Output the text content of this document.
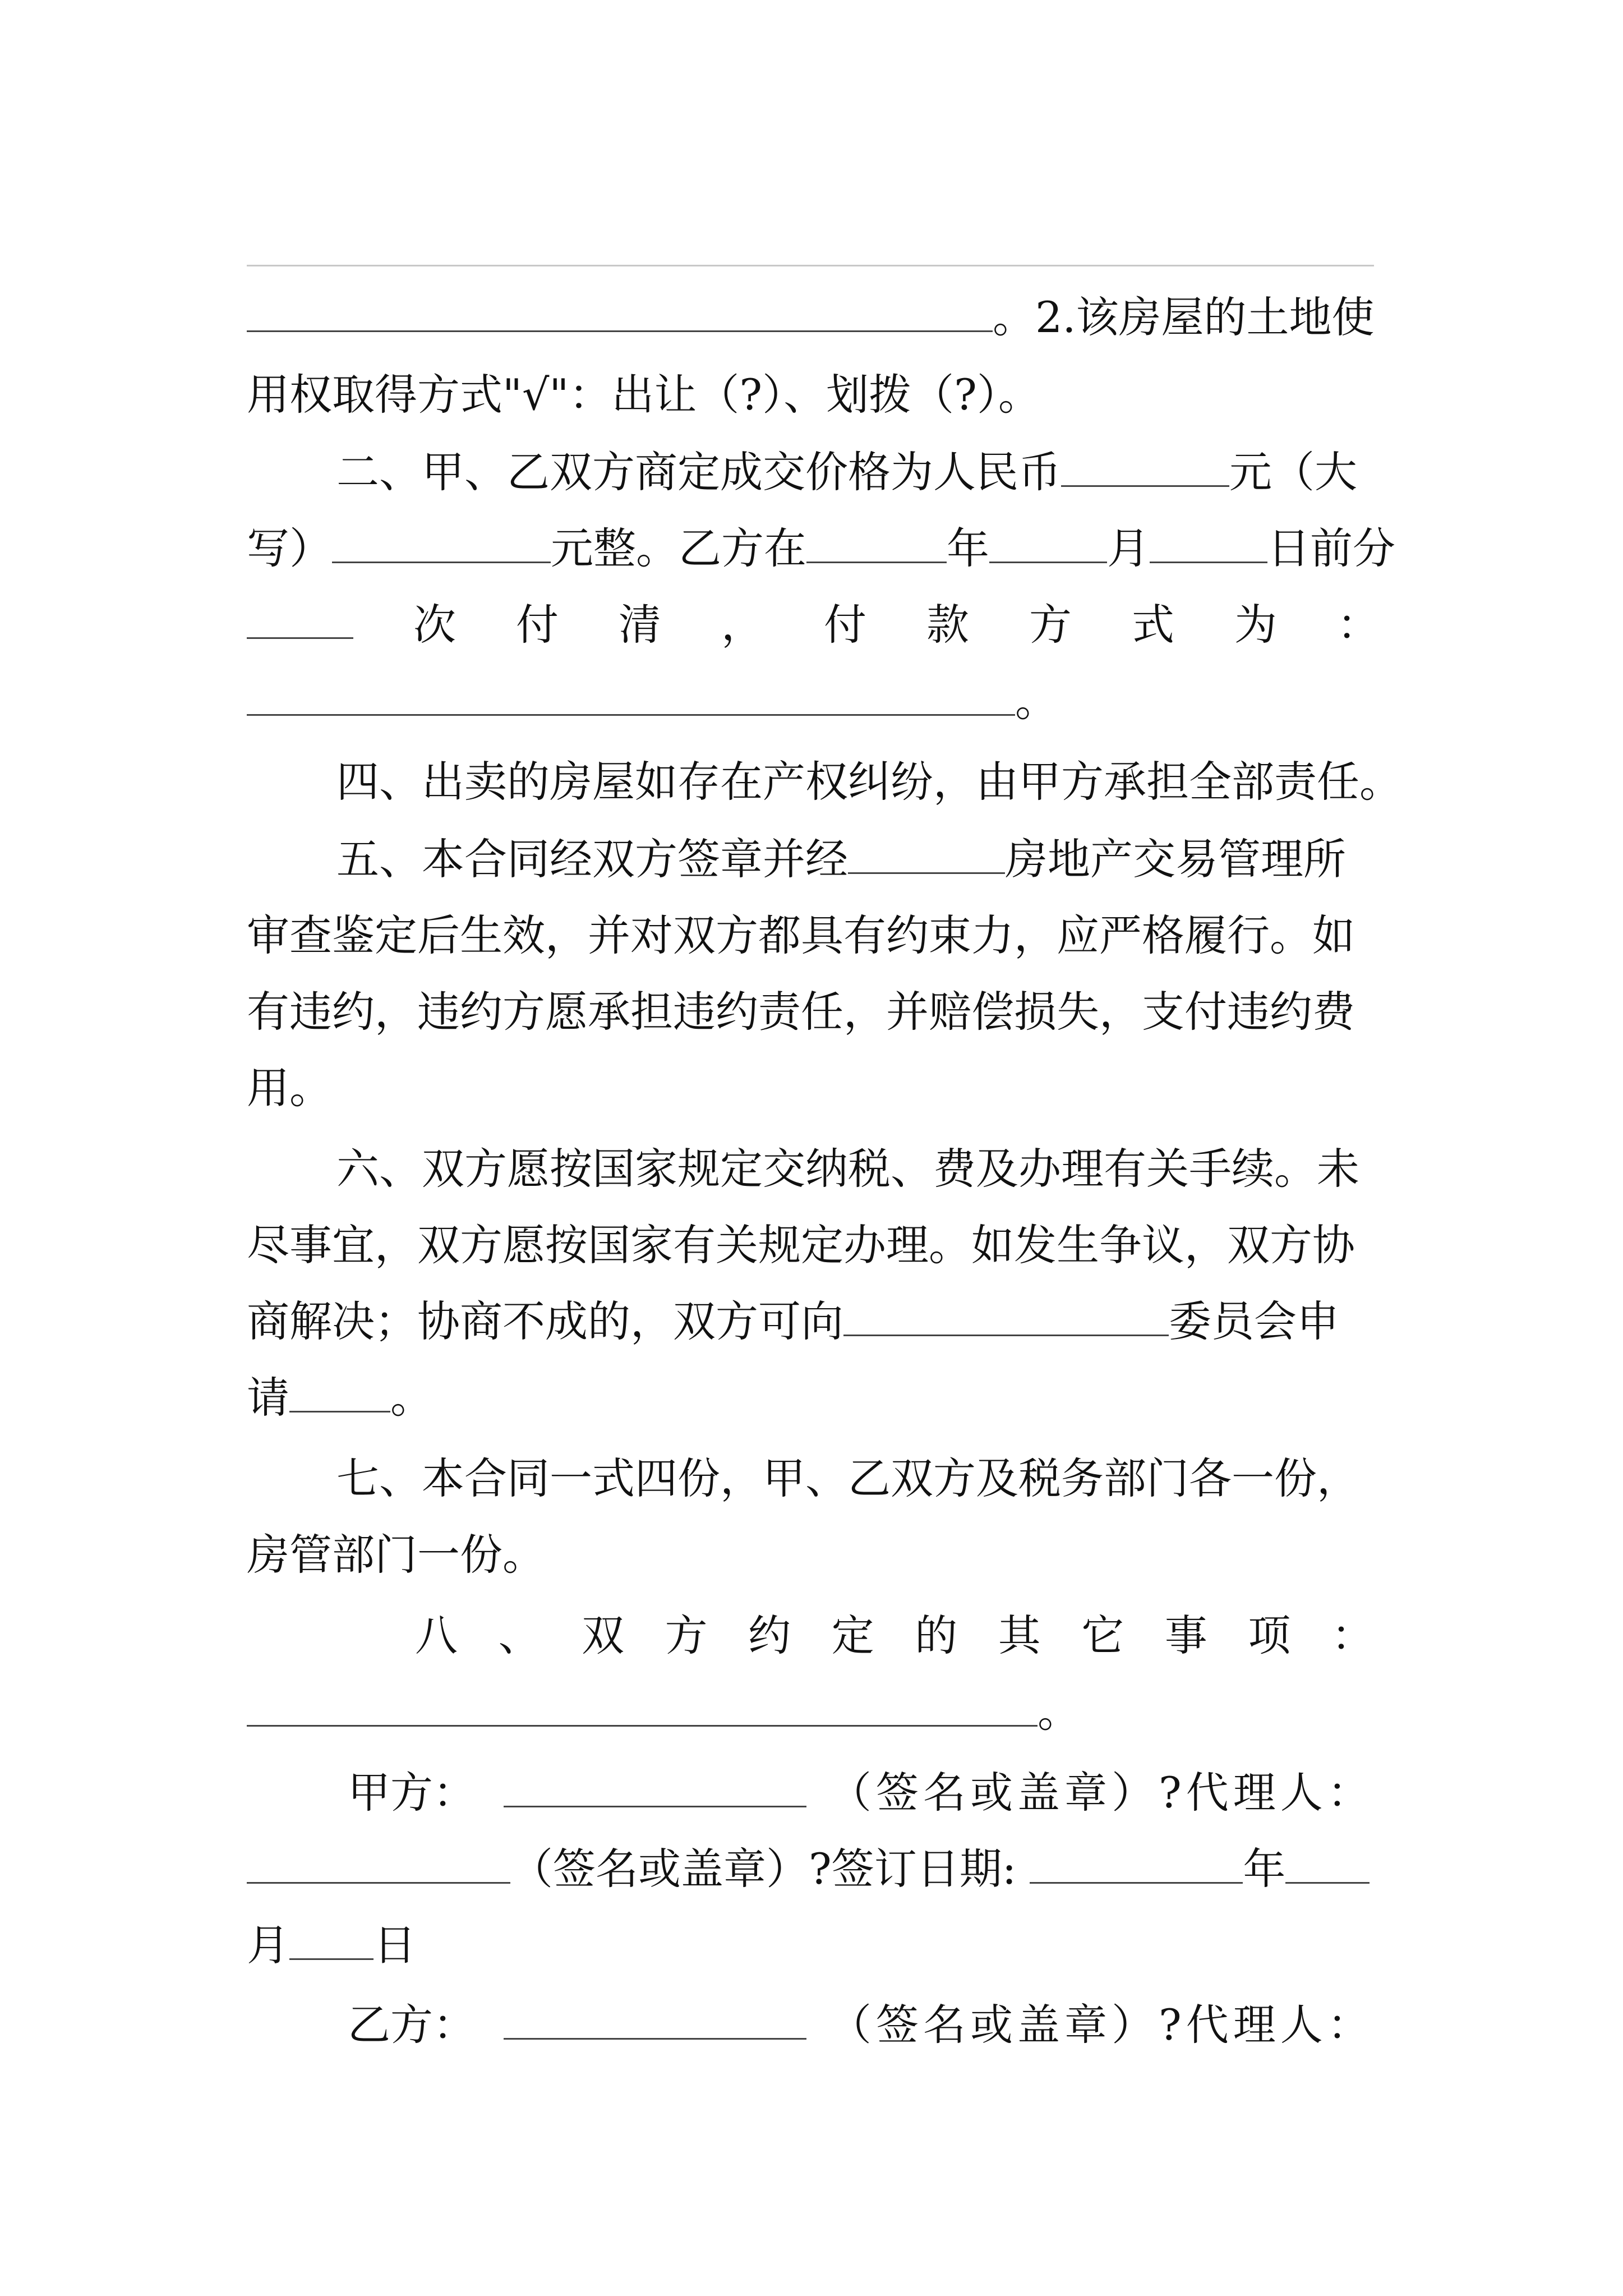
。2.该房屋的土地使
用权取得方式"√"：出让（?）、划拨（?）。
二、甲、乙双方商定成交价格为人民币	元（大
写）	元整。乙方在	年	月	日前分
次 付 清 ， 付 款 方 式 为 ：
。
四、出卖的房屋如存在产权纠纷，由甲方承担全部责任。
五、本合同经双方签章并经	房地产交易管理所
审查鉴定后生效，并对双方都具有约束力，应严格履行。如
有违约，违约方愿承担违约责任，并赔偿损失，支付违约费
用。
六、双方愿按国家规定交纳税、费及办理有关手续。未
尽事宜，双方愿按国家有关规定办理。如发生争议，双方协
商解决；协商不成的，双方可向	委员会申
请 。
七、本合同一式四份，甲、乙双方及税务部门各一份，
房管部门一份。
八 、 双 方 约 定 的 其 它 事 项 ：
。
甲方：	（签名或盖章）?代理人：
（签名或盖章）?签订日期:	年
月 日
乙方：	（签名或盖章）?代理人：
